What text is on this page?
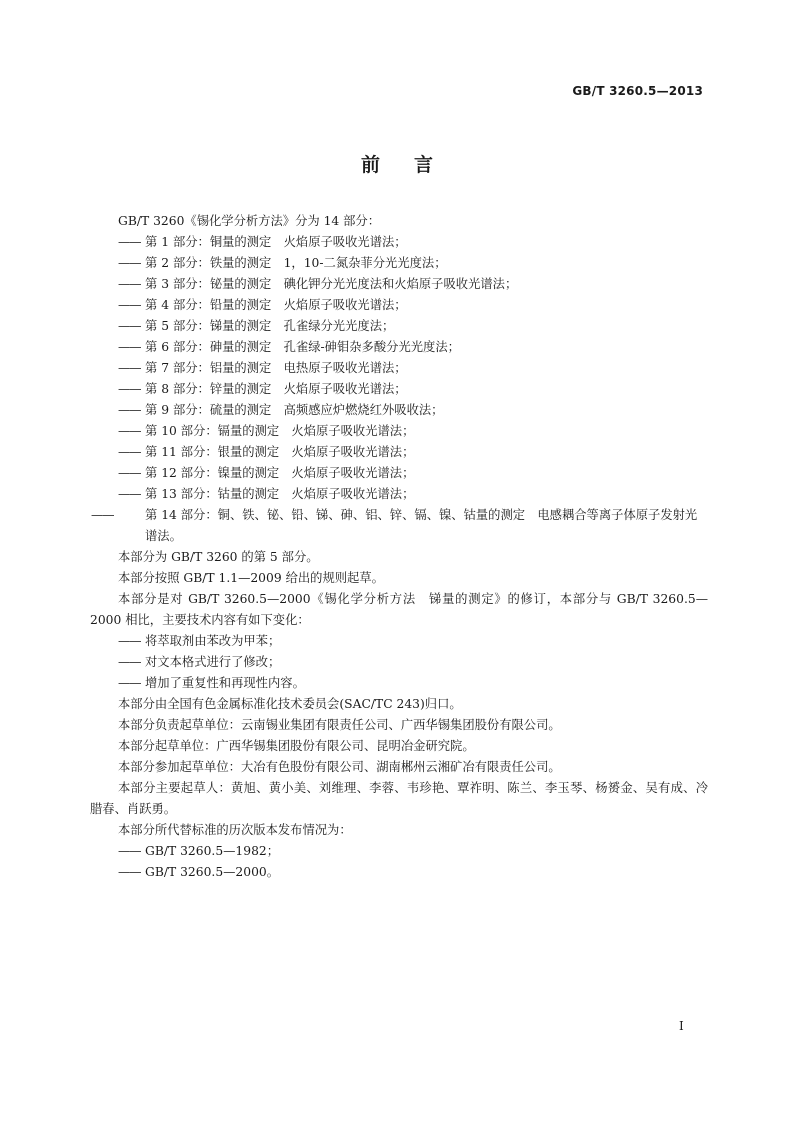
GB/T 3260.5—2013
前言

GB/T 3260《锡化学分析方法》分为 14 部分：

—— 第 1 部分：铜量的测定　火焰原子吸收光谱法；

—— 第 2 部分：铁量的测定　1，10-二氮杂菲分光光度法；

—— 第 3 部分：铋量的测定　碘化钾分光光度法和火焰原子吸收光谱法；

—— 第 4 部分：铅量的测定　火焰原子吸收光谱法；

—— 第 5 部分：锑量的测定　孔雀绿分光光度法；

—— 第 6 部分：砷量的测定　孔雀绿-砷钼杂多酸分光光度法；

—— 第 7 部分：铝量的测定　电热原子吸收光谱法；

—— 第 8 部分：锌量的测定　火焰原子吸收光谱法；

—— 第 9 部分：硫量的测定　高频感应炉燃烧红外吸收法；

—— 第 10 部分：镉量的测定　火焰原子吸收光谱法；

—— 第 11 部分：银量的测定　火焰原子吸收光谱法；

—— 第 12 部分：镍量的测定　火焰原子吸收光谱法；

—— 第 13 部分：钴量的测定　火焰原子吸收光谱法；

——	第 14 部分：铜、铁、铋、铅、锑、砷、铝、锌、镉、镍、钴量的测定　电感耦合等离子体原子发射光谱法。

本部分为 GB/T 3260 的第 5 部分。

本部分按照 GB/T 1.1—2009 给出的规则起草。

本部分是对 GB/T 3260.5—2000《锡化学分析方法　锑量的测定》的修订，本部分与 GB/T 3260.5—2000 相比，主要技术内容有如下变化：

—— 将萃取剂由苯改为甲苯；

—— 对文本格式进行了修改；

—— 增加了重复性和再现性内容。

本部分由全国有色金属标准化技术委员会(SAC/TC 243)归口。

本部分负责起草单位：云南锡业集团有限责任公司、广西华锡集团股份有限公司。

本部分起草单位：广西华锡集团股份有限公司、昆明冶金研究院。

本部分参加起草单位：大冶有色股份有限公司、湖南郴州云湘矿冶有限责任公司。

本部分主要起草人：黄旭、黄小美、刘维理、李蓉、韦珍艳、覃祚明、陈兰、李玉琴、杨赟金、吴有成、冷腊春、肖跃勇。

本部分所代替标准的历次版本发布情况为：

—— GB/T 3260.5—1982；

—— GB/T 3260.5—2000。

I
